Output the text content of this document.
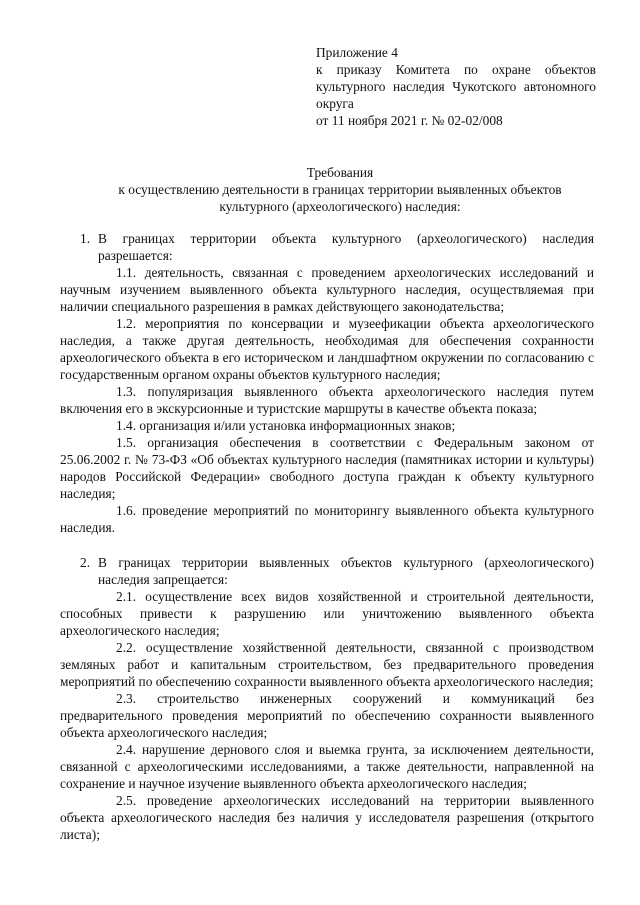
Приложение 4
к приказу Комитета по охране объектов культурного наследия Чукотского автономного округа
от 11 ноября 2021 г. № 02-02/008
Требования
к осуществлению деятельности в границах территории выявленных объектов
культурного (археологического) наследия:
1. В границах территории объекта культурного (археологического) наследия разрешается:

1.1. деятельность, связанная с проведением археологических исследований и научным изучением выявленного объекта культурного наследия, осуществляемая при наличии специального разрешения в рамках действующего законодательства;

1.2. мероприятия по консервации и музеефикации объекта археологического наследия, а также другая деятельность, необходимая для обеспечения сохранности археологического объекта в его историческом и ландшафтном окружении по согласованию с государственным органом охраны объектов культурного наследия;

1.3. популяризация выявленного объекта археологического наследия путем включения его в экскурсионные и туристские маршруты в качестве объекта показа;

1.4. организация и/или установка информационных знаков;

1.5. организация обеспечения в соответствии с Федеральным законом от 25.06.2002 г. № 73-ФЗ «Об объектах культурного наследия (памятниках истории и культуры) народов Российской Федерации» свободного доступа граждан к объекту культурного наследия;

1.6. проведение мероприятий по мониторингу выявленного объекта культурного наследия.

2. В границах территории выявленных объектов культурного (археологического) наследия запрещается:

2.1. осуществление всех видов хозяйственной и строительной деятельности, способных привести к разрушению или уничтожению выявленного объекта археологического наследия;

2.2. осуществление хозяйственной деятельности, связанной с производством земляных работ и капитальным строительством, без предварительного проведения мероприятий по обеспечению сохранности выявленного объекта археологического наследия;

2.3. строительство инженерных сооружений и коммуникаций без предварительного проведения мероприятий по обеспечению сохранности выявленного объекта археологического наследия;

2.4. нарушение дернового слоя и выемка грунта, за исключением деятельности, связанной с археологическими исследованиями, а также деятельности, направленной на сохранение и научное изучение выявленного объекта археологического наследия;

2.5. проведение археологических исследований на территории выявленного объекта археологического наследия без наличия у исследователя разрешения (открытого листа);
